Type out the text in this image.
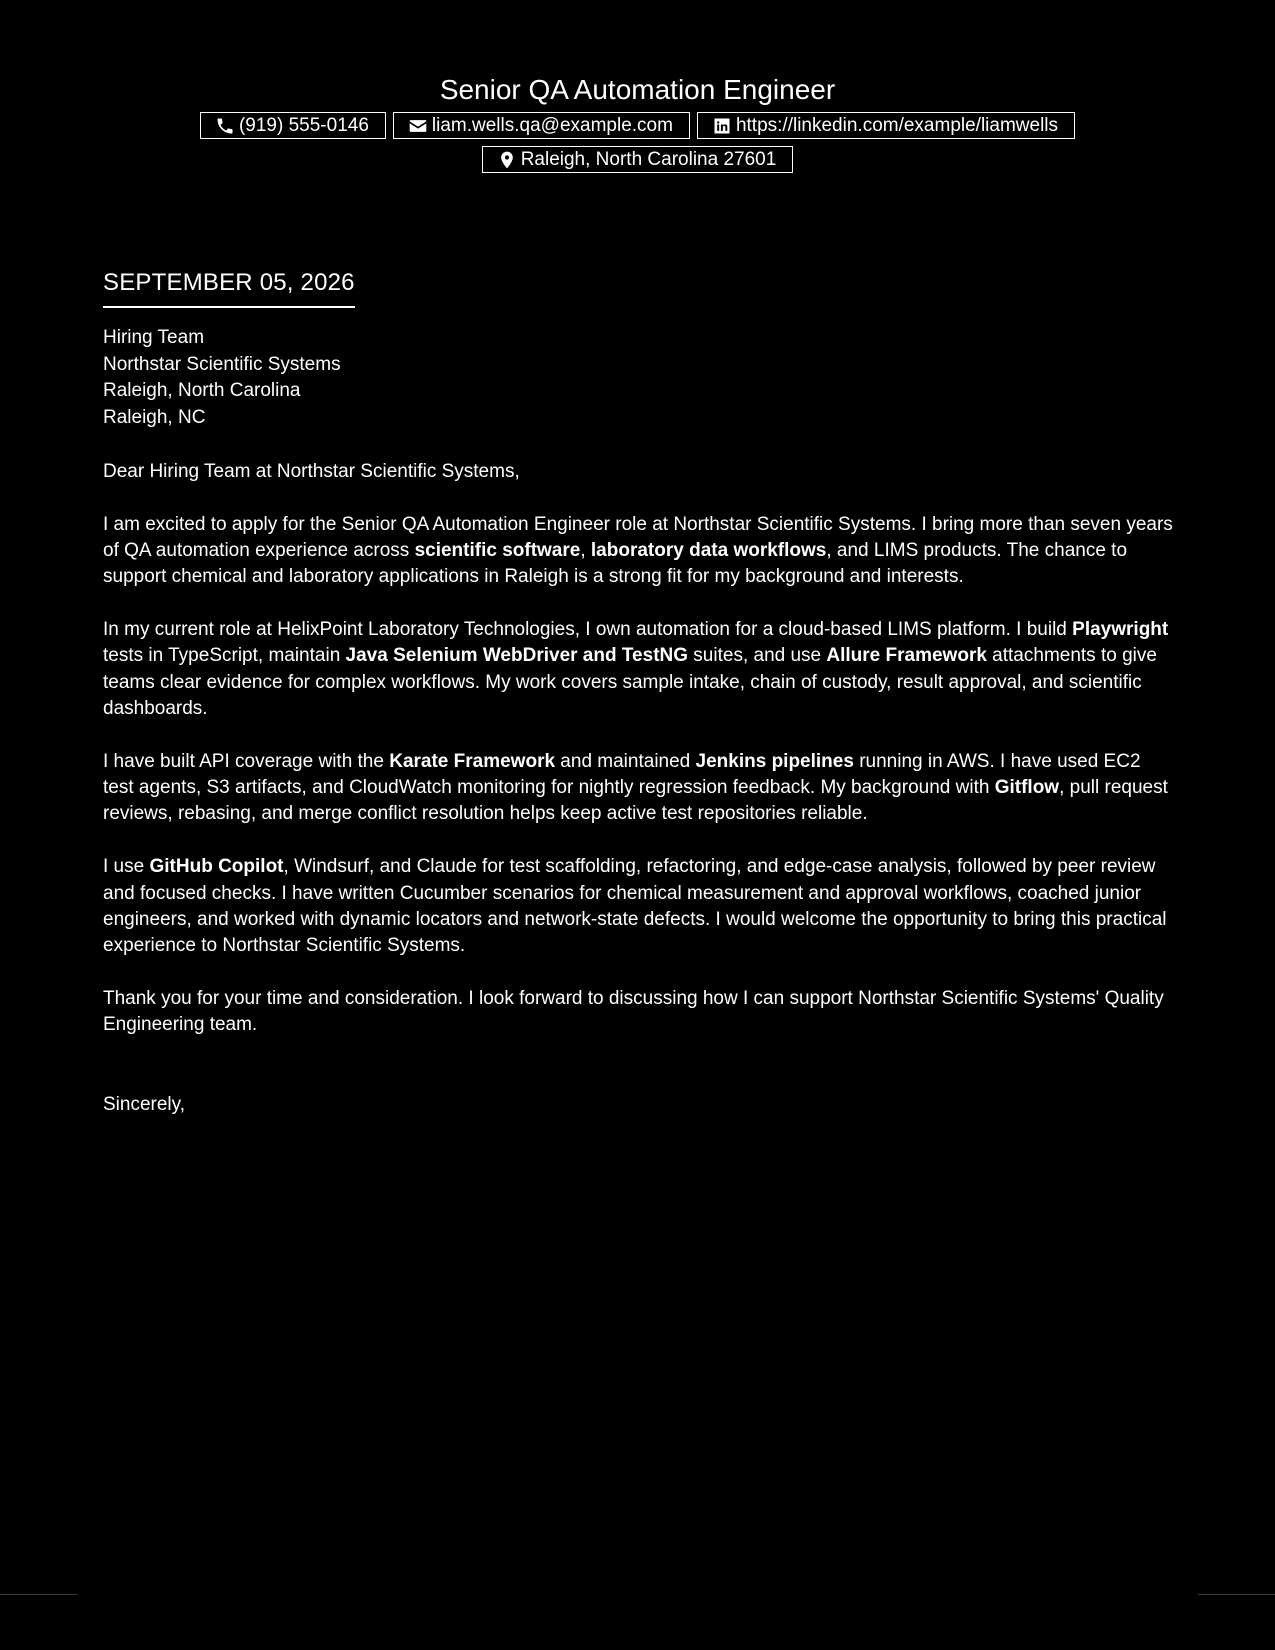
Senior QA Automation Engineer
(919) 555-0146	liam.wells.qa@example.com	https://linkedin.com/example/liamwells
Raleigh, North Carolina 27601
SEPTEMBER 05, 2026
Hiring Team
Northstar Scientific Systems
Raleigh, North Carolina
Raleigh, NC

Dear Hiring Team at Northstar Scientific Systems,

I am excited to apply for the Senior QA Automation Engineer role at Northstar Scientific Systems. I bring more than seven years of QA automation experience across scientific software, laboratory data workflows, and LIMS products. The chance to support chemical and laboratory applications in Raleigh is a strong fit for my background and interests.

In my current role at HelixPoint Laboratory Technologies, I own automation for a cloud-based LIMS platform. I build Playwright tests in TypeScript, maintain Java Selenium WebDriver and TestNG suites, and use Allure Framework attachments to give teams clear evidence for complex workflows. My work covers sample intake, chain of custody, result approval, and scientific dashboards.

I have built API coverage with the Karate Framework and maintained Jenkins pipelines running in AWS. I have used EC2 test agents, S3 artifacts, and CloudWatch monitoring for nightly regression feedback. My background with Gitflow, pull request reviews, rebasing, and merge conflict resolution helps keep active test repositories reliable.

I use GitHub Copilot, Windsurf, and Claude for test scaffolding, refactoring, and edge-case analysis, followed by peer review and focused checks. I have written Cucumber scenarios for chemical measurement and approval workflows, coached junior engineers, and worked with dynamic locators and network-state defects. I would welcome the opportunity to bring this practical experience to Northstar Scientific Systems.

Thank you for your time and consideration. I look forward to discussing how I can support Northstar Scientific Systems' Quality Engineering team.

Sincerely,
